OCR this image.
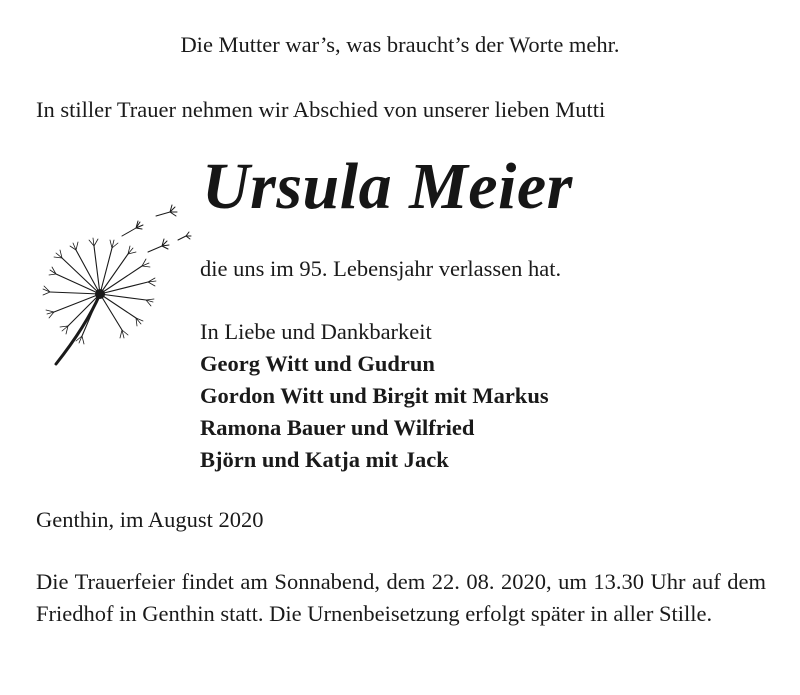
Die Mutter war’s, was braucht’s der Worte mehr.
In stiller Trauer nehmen wir Abschied von unserer lieben Mutti
Ursula Meier
die uns im 95. Lebensjahr verlassen hat.
In Liebe und Dankbarkeit
Georg Witt und Gudrun
Gordon Witt und Birgit mit Markus
Ramona Bauer und Wilfried
Björn und Katja mit Jack
Genthin, im August 2020
Die Trauerfeier findet am Sonnabend, dem 22. 08. 2020, um 13.30 Uhr auf dem Friedhof in Genthin statt. Die Urnenbeisetzung erfolgt später in aller Stille.
